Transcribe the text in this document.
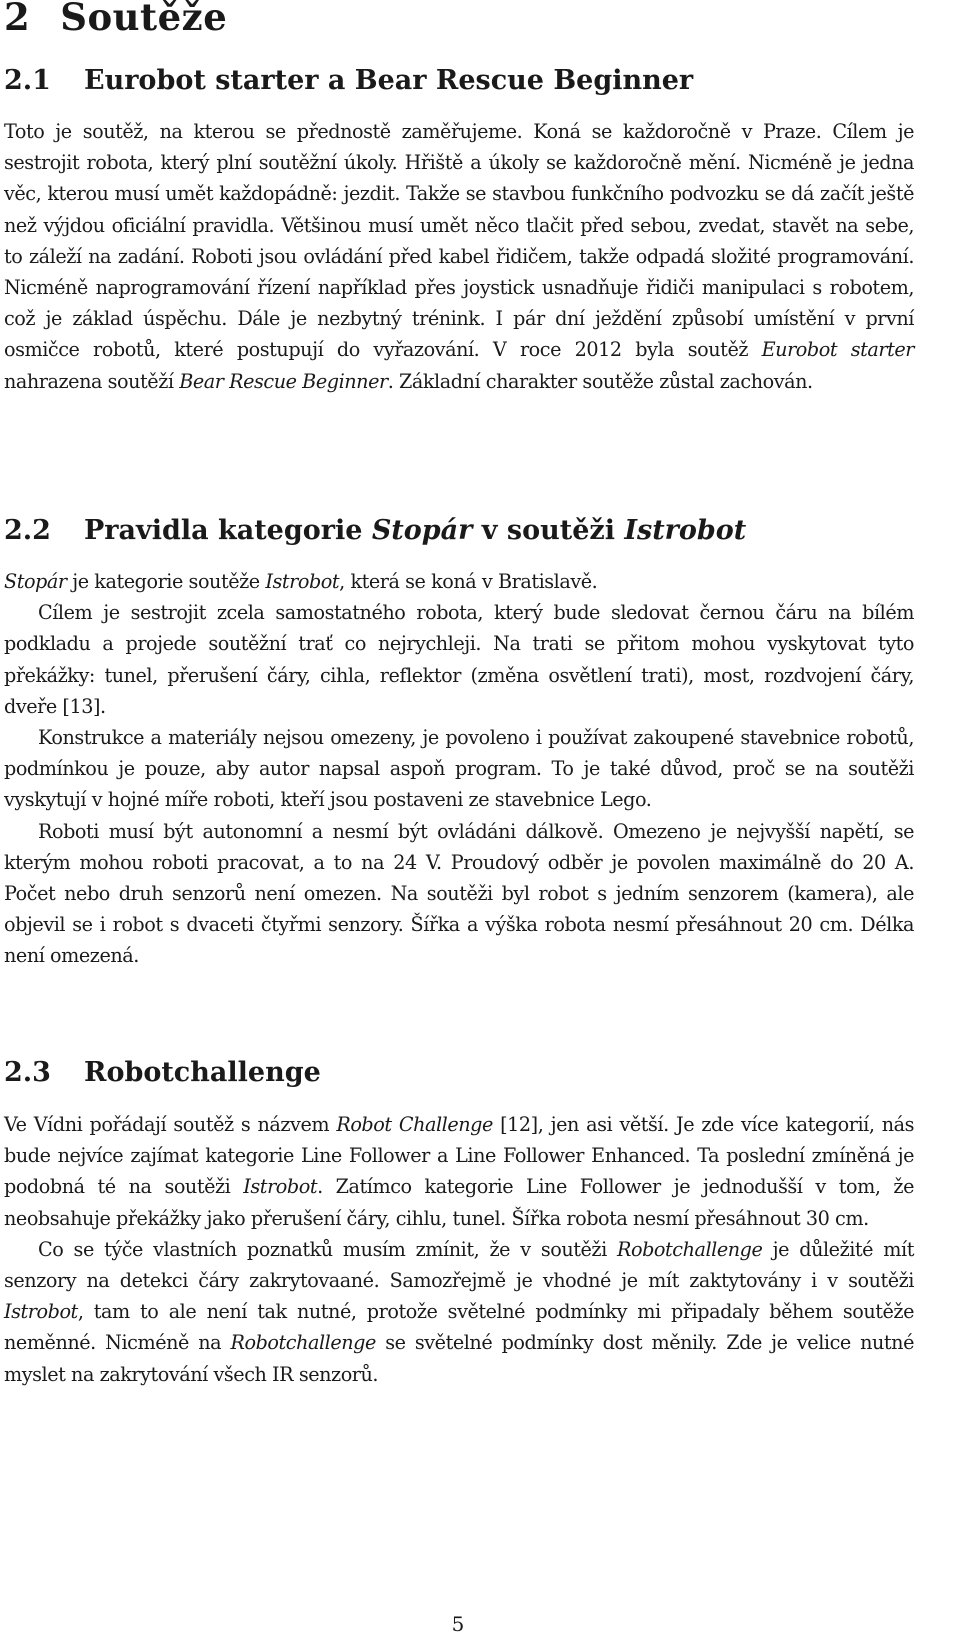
2 Soutěže
2.1 Eurobot starter a Bear Rescue Beginner

Toto je soutěž, na kterou se přednostě zaměřujeme. Koná se každoročně v Praze. Cílem je sestrojit robota, který plní soutěžní úkoly. Hřiště a úkoly se každoročně mění. Nicméně je jedna věc, kterou musí umět každopádně: jezdit. Takže se stavbou funkčního podvozku se dá začít ještě než výjdou oficiální pravidla. Většinou musí umět něco tlačit před sebou, zvedat, stavět na sebe, to záleží na zadání. Roboti jsou ovládání před kabel řidičem, takže odpadá složité programování. Nicméně naprogramování řízení například přes joystick usnadňuje řidiči manipulaci s robotem, což je základ úspěchu. Dále je nezbytný trénink. I pár dní ježdění způsobí umístění v první osmičce robotů, které postupují do vyřazování. V roce 2012 byla soutěž Eurobot starter nahrazena soutěží Bear Rescue Beginner. Základní charakter soutěže zůstal zachován.

2.2 Pravidla kategorie Stopár v soutěži Istrobot
Stopár je kategorie soutěže Istrobot, která se koná v Bratislavě.
Cílem je sestrojit zcela samostatného robota, který bude sledovat černou čáru na bílém podkladu a projede soutěžní trať co nejrychleji. Na trati se přitom mohou vyskytovat tyto překážky: tunel, přerušení čáry, cihla, reflektor (změna osvětlení trati), most, rozdvojení čáry, dveře [13].
Konstrukce a materiály nejsou omezeny, je povoleno i používat zakoupené stavebnice robotů, podmínkou je pouze, aby autor napsal aspoň program. To je také důvod, proč se na soutěži vyskytují v hojné míře roboti, kteří jsou postaveni ze stavebnice Lego.
Roboti musí být autonomní a nesmí být ovládáni dálkově. Omezeno je nejvyšší napětí, se kterým mohou roboti pracovat, a to na 24 V. Proudový odběr je povolen maximálně do 20 A. Počet nebo druh senzorů není omezen. Na soutěži byl robot s jedním senzorem (kamera), ale objevil se i robot s dvaceti čtyřmi senzory. Šířka a výška robota nesmí přesáhnout 20 cm. Délka není omezená.
2.3 Robotchallenge
Ve Vídni pořádají soutěž s názvem Robot Challenge [12], jen asi větší. Je zde více kategorií, nás bude nejvíce zajímat kategorie Line Follower a Line Follower Enhanced. Ta poslední zmíněná je podobná té na soutěži Istrobot. Zatímco kategorie Line Follower je jednodušší v tom, že neobsahuje překážky jako přerušení čáry, cihlu, tunel. Šířka robota nesmí přesáhnout 30 cm.
Co se týče vlastních poznatků musím zmínit, že v soutěži Robotchallenge je důležité mít senzory na detekci čáry zakrytovaané. Samozřejmě je vhodné je mít zaktytovány i v soutěži Istrobot, tam to ale není tak nutné, protože světelné podmínky mi připadaly během soutěže neměnné. Nicméně na Robotchallenge se světelné podmínky dost měnily. Zde je velice nutné myslet na zakrytování všech IR senzorů.
5
